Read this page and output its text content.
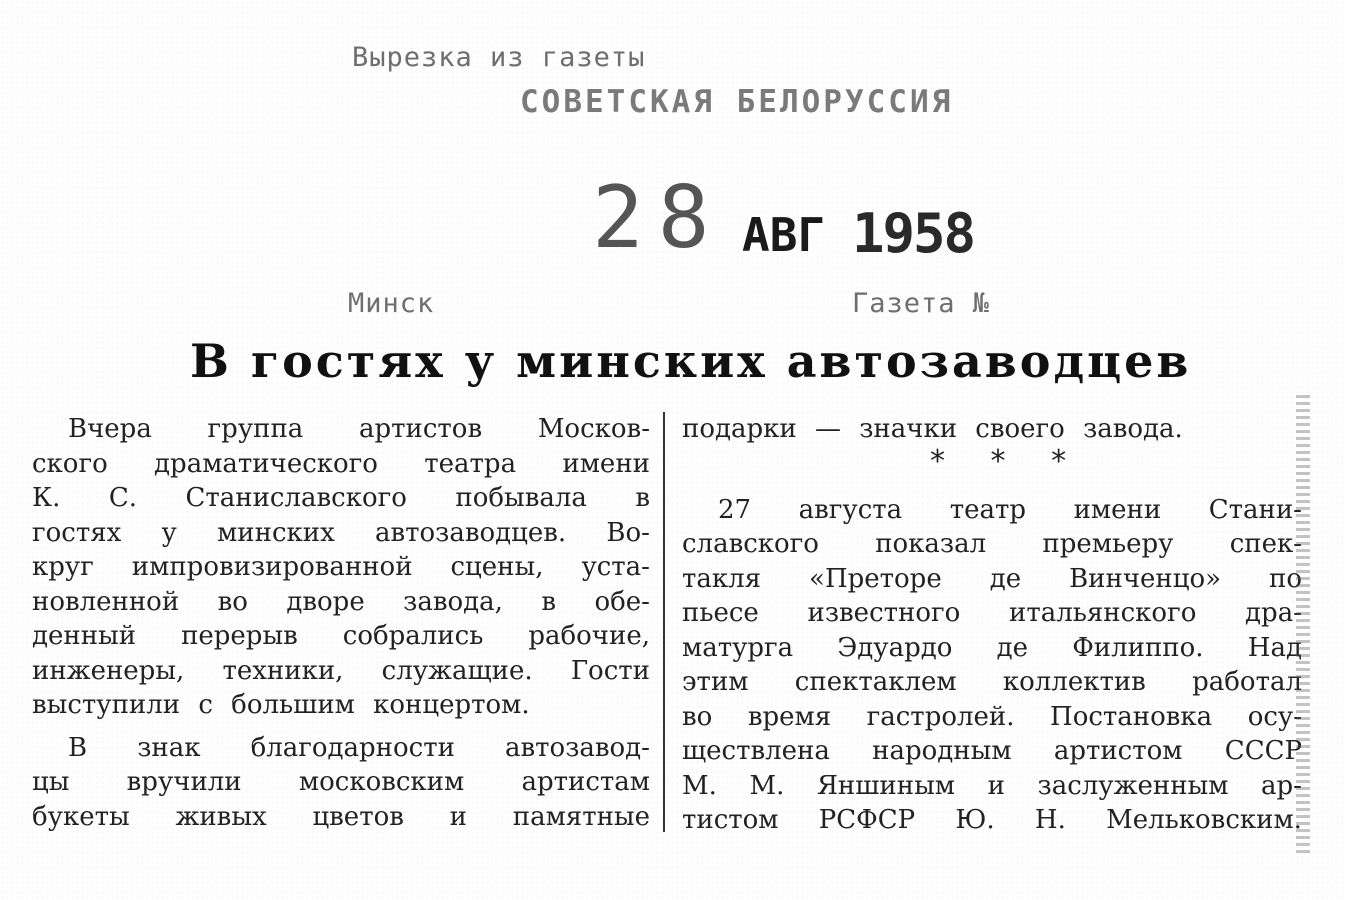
Вырезка из газеты
СОВЕТСКАЯ БЕЛОРУССИЯ
28 АВГ 1958
Минск	Газета №
В гостях у минских автозаводцев
Вчера группа артистов Москов-
ского драматического театра имени
К. С. Станиславского побывала в
гостях у минских автозаводцев. Во-
круг импровизированной сцены, уста-
новленной во дворе завода, в обе-
денный перерыв собрались рабочие,
инженеры, техники, служащие. Гости
выступили с большим концертом.
В знак благодарности автозавод-
цы вручили московским артистам
букеты живых цветов и памятные
подарки — значки своего завода.
27 августа театр имени Стани-
славского показал премьеру спек-
такля «Преторе де Винченцо» по
пьесе известного итальянского дра-
матурга Эдуардо де Филиппо. Над
этим спектаклем коллектив работал
во время гастролей. Постановка осу-
ществлена народным артистом СССР
М. М. Яншиным и заслуженным ар-
тистом РСФСР Ю. Н. Мельковским.
* * *
